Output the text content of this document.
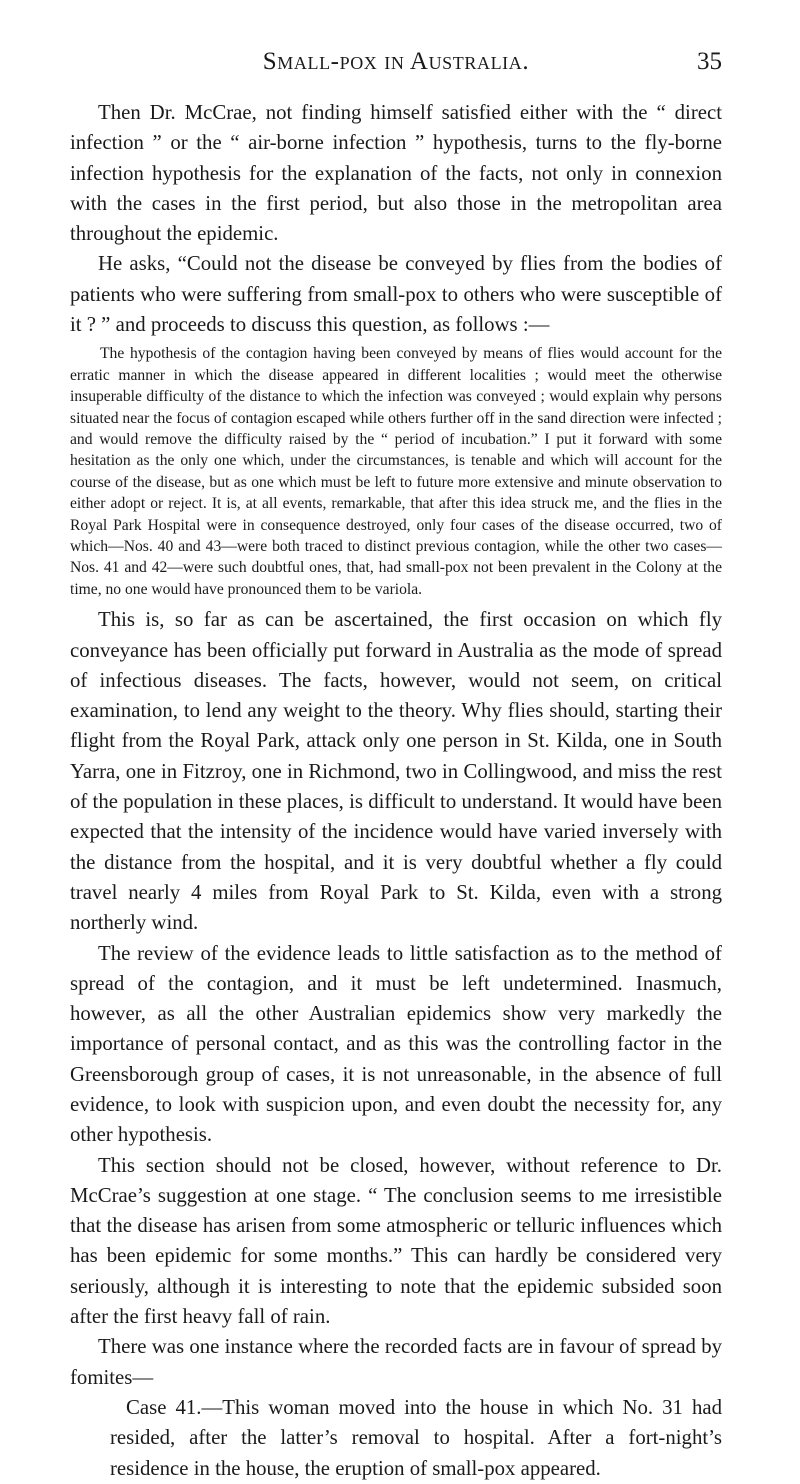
Small-pox in Australia.	35

Then Dr. McCrae, not finding himself satisfied either with the “ direct infection ” or the “ air-borne infection ” hypothesis, turns to the fly-borne infection hypothesis for the explanation of the facts, not only in connexion with the cases in the first period, but also those in the metropolitan area throughout the epidemic.

He asks, “Could not the disease be conveyed by flies from the bodies of patients who were suffering from small-pox to others who were susceptible of it ? ” and proceeds to discuss this question, as follows :—

The hypothesis of the contagion having been conveyed by means of flies would account for the erratic manner in which the disease appeared in different localities ; would meet the otherwise insuperable difficulty of the distance to which the infection was conveyed ; would explain why persons situated near the focus of contagion escaped while others further off in the sand direction were infected ; and would remove the difficulty raised by the “ period of incubation.” I put it forward with some hesitation as the only one which, under the circumstances, is tenable and which will account for the course of the disease, but as one which must be left to future more extensive and minute observation to either adopt or reject. It is, at all events, remarkable, that after this idea struck me, and the flies in the Royal Park Hospital were in consequence destroyed, only four cases of the disease occurred, two of which—Nos. 40 and 43—were both traced to distinct previous contagion, while the other two cases—Nos. 41 and 42—were such doubtful ones, that, had small-pox not been prevalent in the Colony at the time, no one would have pronounced them to be variola.

This is, so far as can be ascertained, the first occasion on which fly conveyance has been officially put forward in Australia as the mode of spread of infectious diseases. The facts, however, would not seem, on critical examination, to lend any weight to the theory. Why flies should, starting their flight from the Royal Park, attack only one person in St. Kilda, one in South Yarra, one in Fitzroy, one in Richmond, two in Collingwood, and miss the rest of the population in these places, is difficult to understand. It would have been expected that the intensity of the incidence would have varied inversely with the distance from the hospital, and it is very doubtful whether a fly could travel nearly 4 miles from Royal Park to St. Kilda, even with a strong northerly wind.

The review of the evidence leads to little satisfaction as to the method of spread of the contagion, and it must be left undetermined. Inasmuch, however, as all the other Australian epidemics show very markedly the importance of personal contact, and as this was the controlling factor in the Greensborough group of cases, it is not unreasonable, in the absence of full evidence, to look with suspicion upon, and even doubt the necessity for, any other hypothesis.

This section should not be closed, however, without reference to Dr. McCrae’s suggestion at one stage. “ The conclusion seems to me irresistible that the disease has arisen from some atmospheric or telluric influences which has been epidemic for some months.” This can hardly be considered very seriously, although it is interesting to note that the epidemic subsided soon after the first heavy fall of rain.

There was one instance where the recorded facts are in favour of spread by fomites—

Case 41.—This woman moved into the house in which No. 31 had resided, after the latter’s removal to hospital. After a fort-night’s residence in the house, the eruption of small-pox appeared.
